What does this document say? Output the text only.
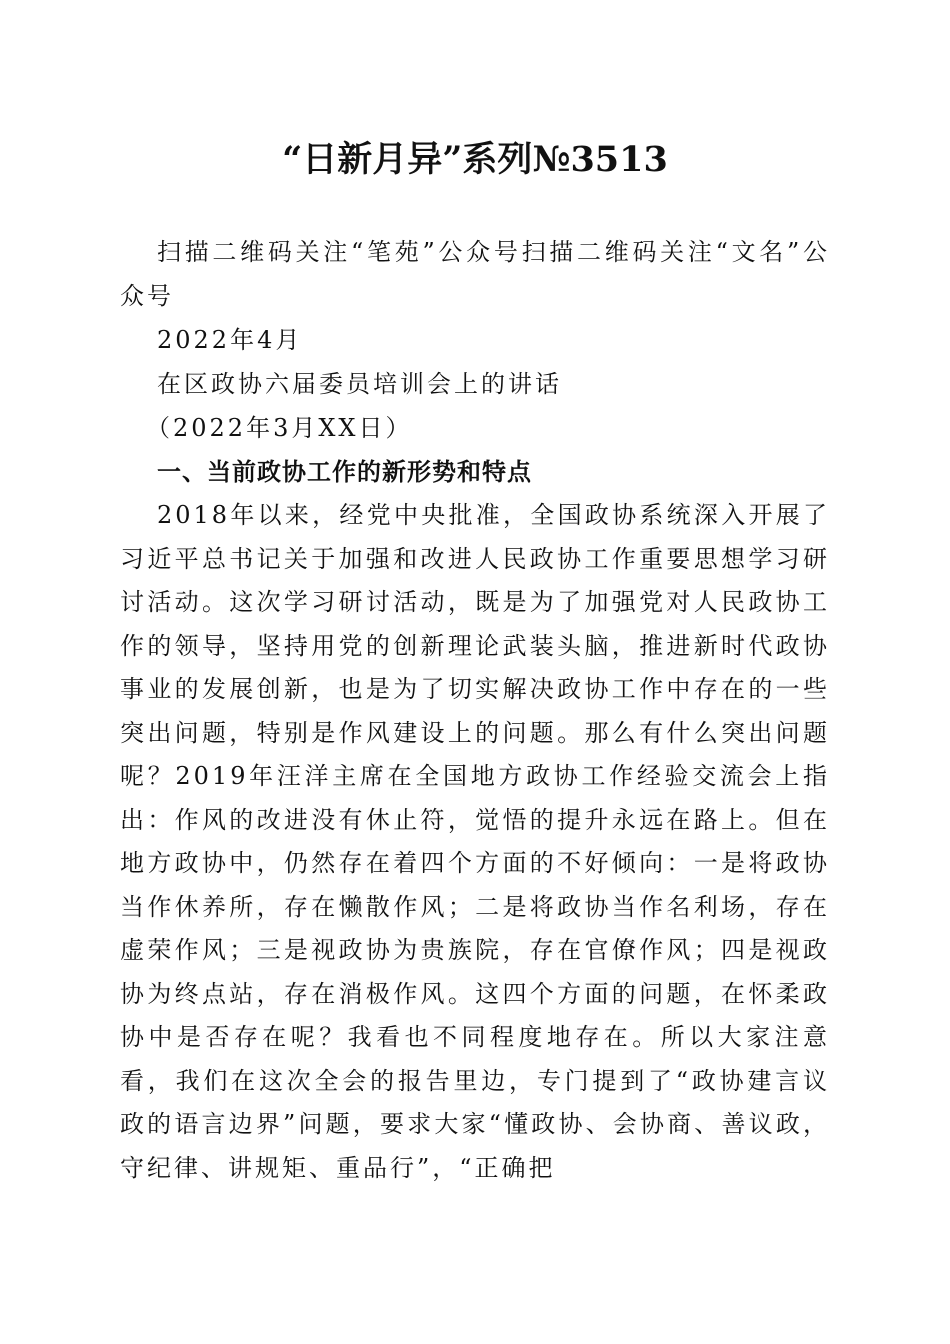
“日新月异”系列№3513

扫描二维码关注“笔苑”公众号扫描二维码关注“文名”公众号

2022年4月

在区政协六届委员培训会上的讲话

（2022年3月XX日）

一、当前政协工作的新形势和特点

2018年以来，经党中央批准，全国政协系统深入开展了习近平总书记关于加强和改进人民政协工作重要思想学习研讨活动。这次学习研讨活动，既是为了加强党对人民政协工作的领导，坚持用党的创新理论武装头脑，推进新时代政协事业的发展创新，也是为了切实解决政协工作中存在的一些突出问题，特别是作风建设上的问题。那么有什么突出问题呢？2019年汪洋主席在全国地方政协工作经验交流会上指出：作风的改进没有休止符，觉悟的提升永远在路上。但在地方政协中，仍然存在着四个方面的不好倾向：一是将政协当作休养所，存在懒散作风；二是将政协当作名利场，存在虚荣作风；三是视政协为贵族院，存在官僚作风；四是视政协为终点站，存在消极作风。这四个方面的问题，在怀柔政协中是否存在呢？我看也不同程度地存在。所以大家注意看，我们在这次全会的报告里边，专门提到了“政协建言议政的语言边界”问题，要求大家“懂政协、会协商、善议政，守纪律、讲规矩、重品行”，“正确把
